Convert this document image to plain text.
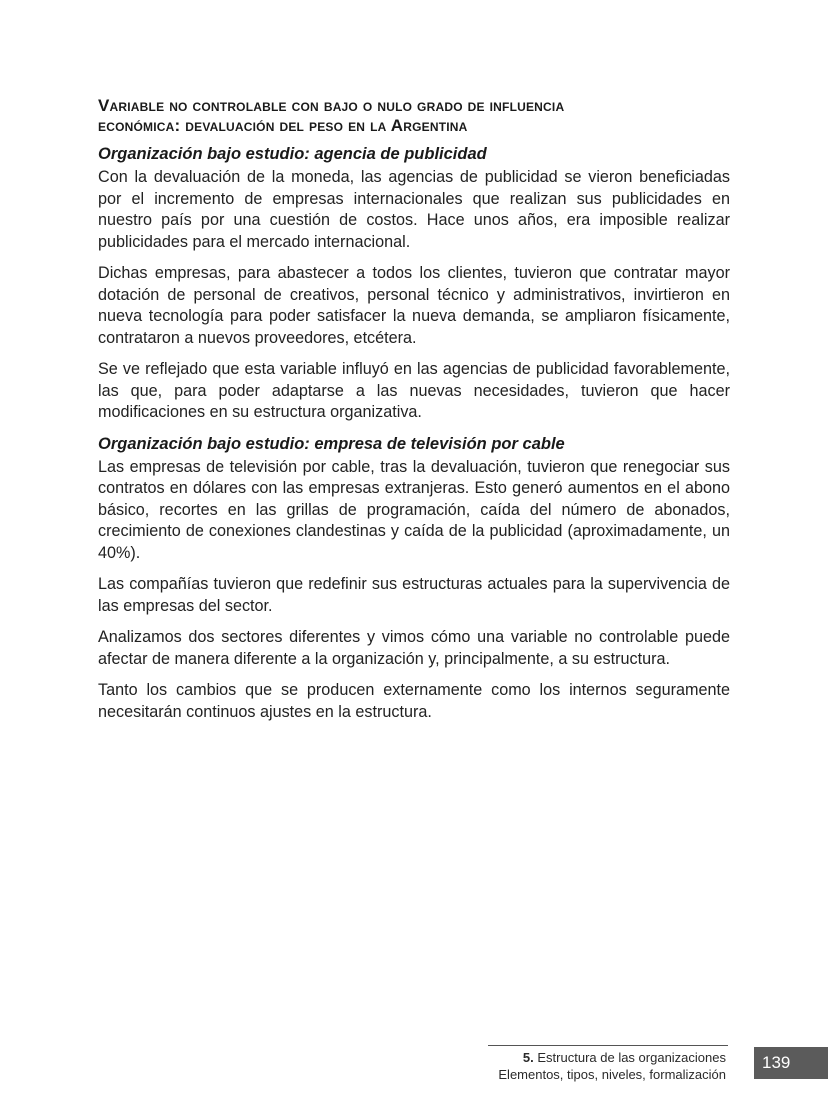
Variable no controlable con bajo o nulo grado de influencia
económica: devaluación del peso en la Argentina
Organización bajo estudio: agencia de publicidad

Con la devaluación de la moneda, las agencias de publicidad se vieron beneficiadas por el incremento de empresas internacionales que realizan sus publicidades en nuestro país por una cuestión de costos. Hace unos años, era imposible realizar publicidades para el mercado internacional.

Dichas empresas, para abastecer a todos los clientes, tuvieron que contratar mayor dotación de personal de creativos, personal técnico y administrativos, invirtieron en nueva tecnología para poder satisfacer la nueva demanda, se ampliaron físicamente, contrataron a nuevos proveedores, etcétera.

Se ve reflejado que esta variable influyó en las agencias de publicidad favorablemente, las que, para poder adaptarse a las nuevas necesidades, tuvieron que hacer modificaciones en su estructura organizativa.

Organización bajo estudio: empresa de televisión por cable

Las empresas de televisión por cable, tras la devaluación, tuvieron que renegociar sus contratos en dólares con las empresas extranjeras. Esto generó aumentos en el abono básico, recortes en las grillas de programación, caída del número de abonados, crecimiento de conexiones clandestinas y caída de la publicidad (aproximadamente, un 40%).

Las compañías tuvieron que redefinir sus estructuras actuales para la supervivencia de las empresas del sector.

Analizamos dos sectores diferentes y vimos cómo una variable no controlable puede afectar de manera diferente a la organización y, principalmente, a su estructura.

Tanto los cambios que se producen externamente como los internos seguramente necesitarán continuos ajustes en la estructura.

5. Estructura de las organizaciones
Elementos, tipos, niveles, formalización
139
